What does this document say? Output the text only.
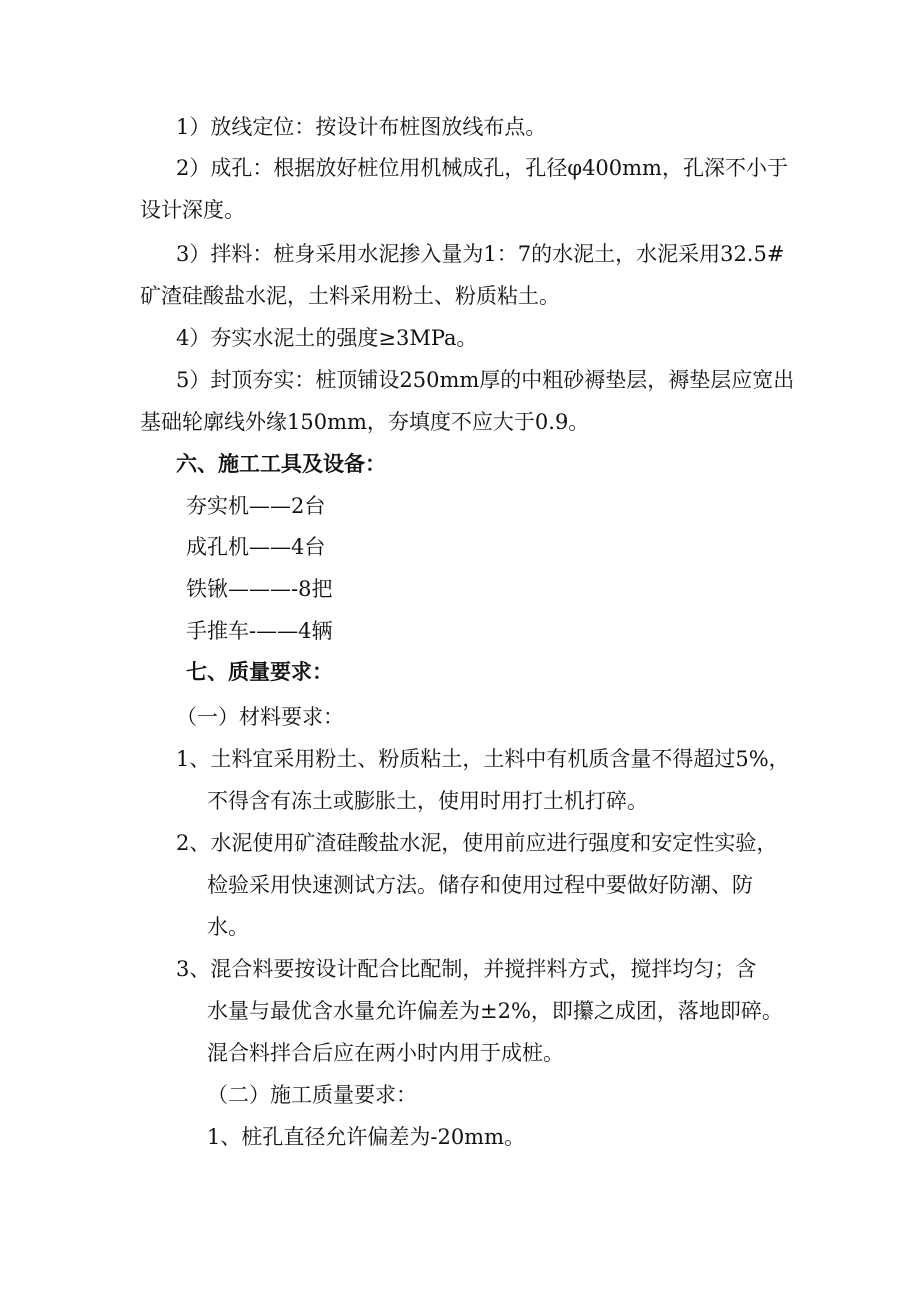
1）放线定位：按设计布桩图放线布点。

2）成孔：根据放好桩位用机械成孔，孔径φ400mm，孔深不小于

设计深度。

3）拌料：桩身采用水泥掺入量为1：7的水泥土，水泥采用32.5#

矿渣硅酸盐水泥，土料采用粉土、粉质粘土。

4）夯实水泥土的强度≥3MPa。

5）封顶夯实：桩顶铺设250mm厚的中粗砂褥垫层，褥垫层应宽出

基础轮廓线外缘150mm，夯填度不应大于0.9。

六、施工工具及设备：

夯实机——2台

成孔机——4台

铁锹———-8把

手推车-——4辆

七、质量要求：

（一）材料要求：

1、土料宜采用粉土、粉质粘土，土料中有机质含量不得超过5%，

不得含有冻土或膨胀土，使用时用打土机打碎。

2、水泥使用矿渣硅酸盐水泥，使用前应进行强度和安定性实验，

检验采用快速测试方法。储存和使用过程中要做好防潮、防

水。

3、混合料要按设计配合比配制，并搅拌料方式，搅拌均匀；含

水量与最优含水量允许偏差为±2%，即攥之成团，落地即碎。

混合料拌合后应在两小时内用于成桩。

（二）施工质量要求：

1、桩孔直径允许偏差为-20mm。
